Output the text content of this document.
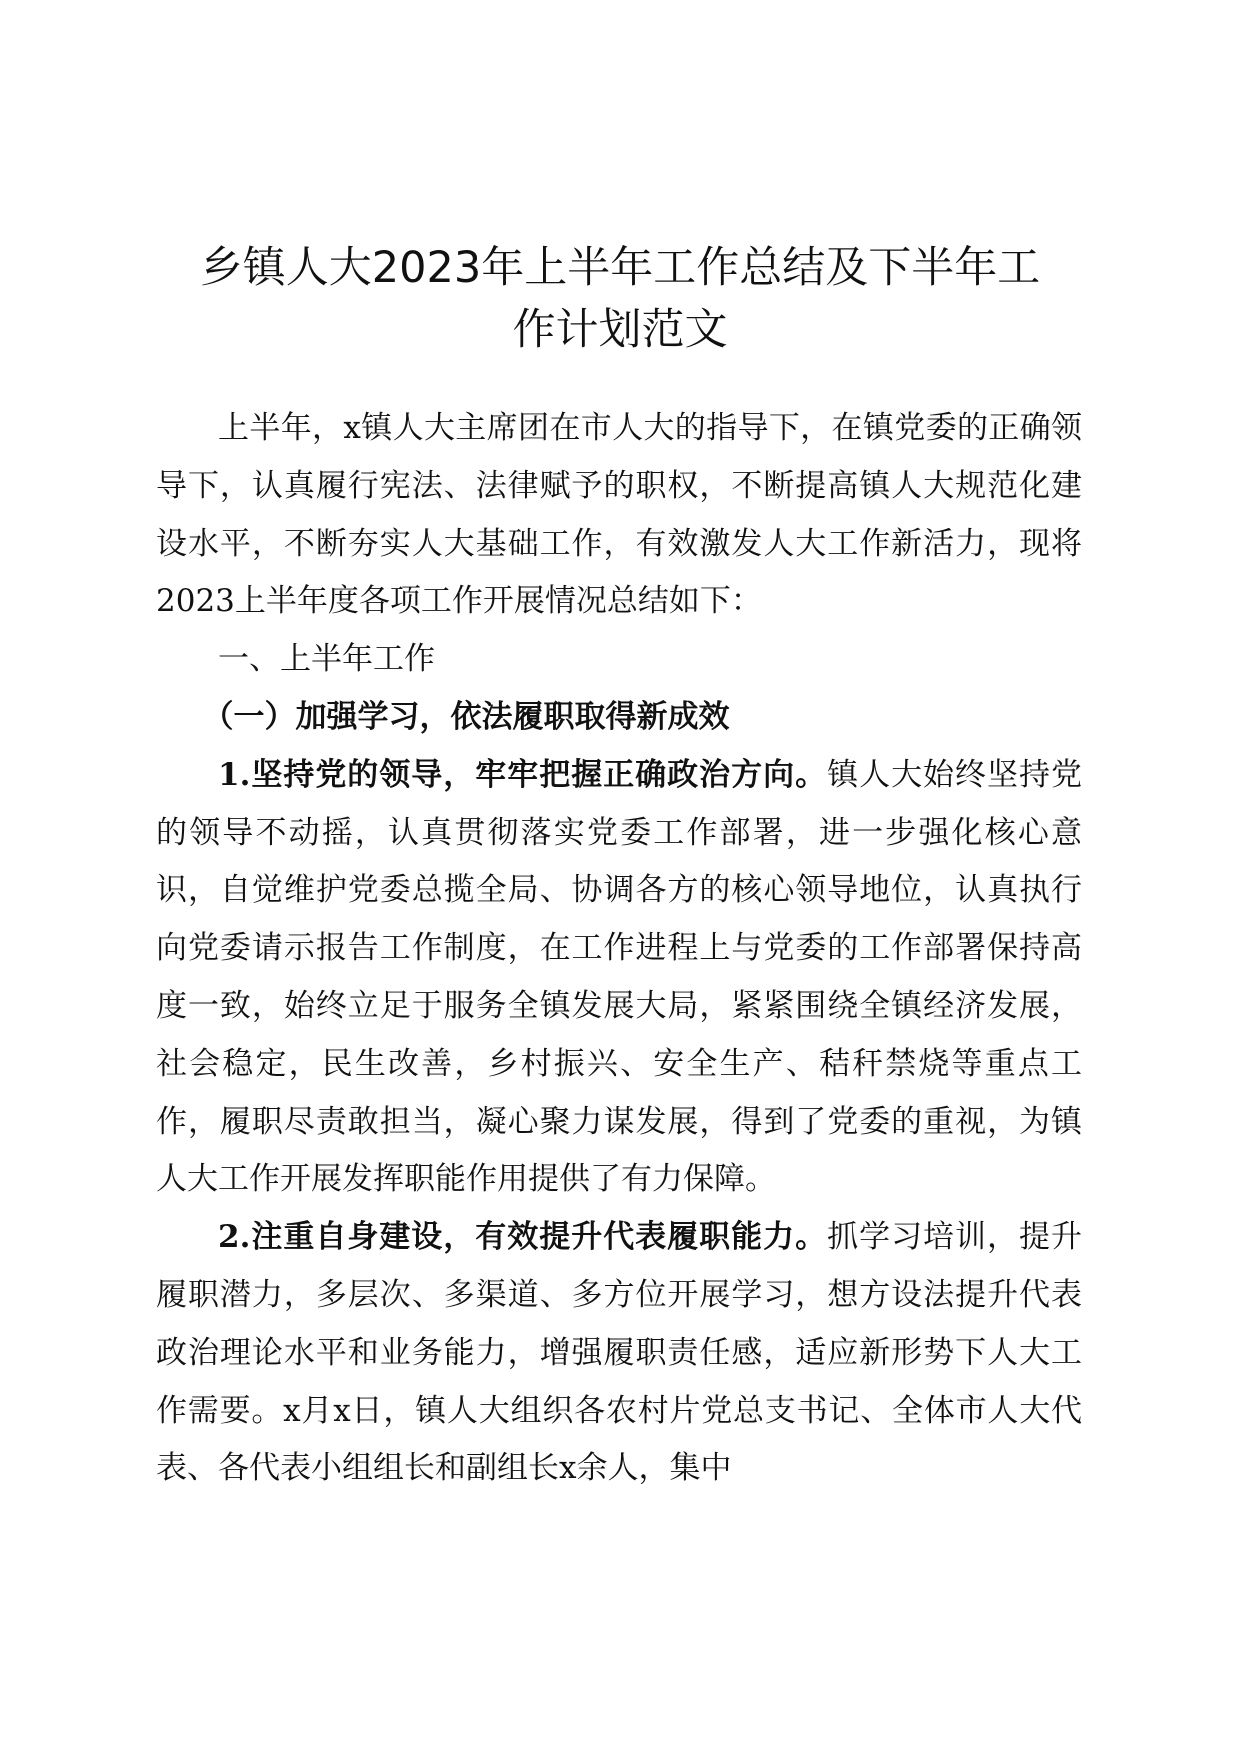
乡镇人大2023年上半年工作总结及下半年工
作计划范文

上半年，x镇人大主席团在市人大的指导下，在镇党委的正确领导下，认真履行宪法、法律赋予的职权，不断提高镇人大规范化建设水平，不断夯实人大基础工作，有效激发人大工作新活力，现将2023上半年度各项工作开展情况总结如下：

一、上半年工作

（一）加强学习，依法履职取得新成效

1.坚持党的领导，牢牢把握正确政治方向。镇人大始终坚持党的领导不动摇，认真贯彻落实党委工作部署，进一步强化核心意识，自觉维护党委总揽全局、协调各方的核心领导地位，认真执行向党委请示报告工作制度，在工作进程上与党委的工作部署保持高度一致，始终立足于服务全镇发展大局，紧紧围绕全镇经济发展，社会稳定，民生改善，乡村振兴、安全生产、秸秆禁烧等重点工作，履职尽责敢担当，凝心聚力谋发展，得到了党委的重视，为镇人大工作开展发挥职能作用提供了有力保障。

2.注重自身建设，有效提升代表履职能力。抓学习培训，提升履职潜力，多层次、多渠道、多方位开展学习，想方设法提升代表政治理论水平和业务能力，增强履职责任感，适应新形势下人大工作需要。x月x日，镇人大组织各农村片党总支书记、全体市人大代表、各代表小组组长和副组长x余人，集中
